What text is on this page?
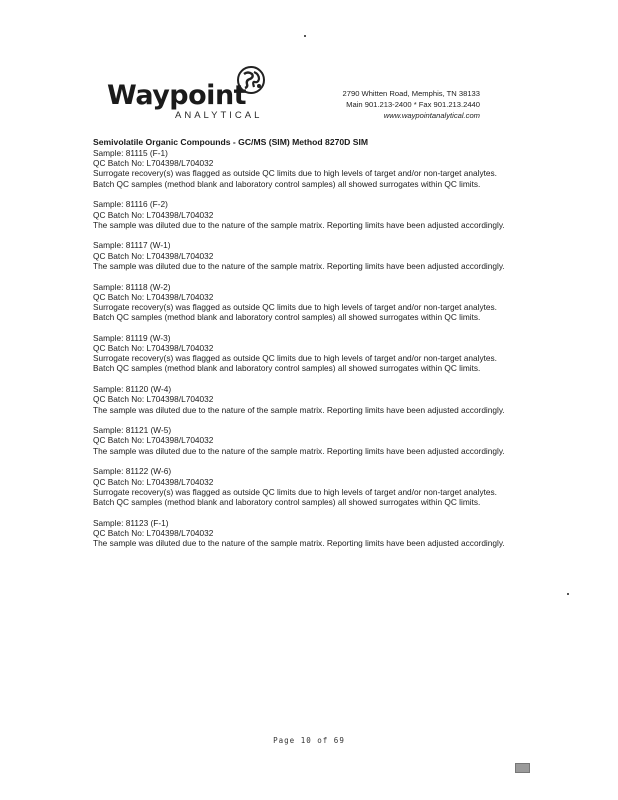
Waypoint
ANALYTICAL
2790 Whitten Road, Memphis, TN 38133
Main 901.213-2400 * Fax 901.213.2440
www.waypointanalytical.com
Semivolatile Organic Compounds - GC/MS (SIM) Method 8270D SIM
Sample: 81115 (F-1)
QC Batch No: L704398/L704032
Surrogate recovery(s) was flagged as outside QC limits due to high levels of target and/or non-target analytes.
Batch QC samples (method blank and laboratory control samples) all showed surrogates within QC limits.
Sample: 81116 (F-2)
QC Batch No: L704398/L704032
The sample was diluted due to the nature of the sample matrix. Reporting limits have been adjusted accordingly.
Sample: 81117 (W-1)
QC Batch No: L704398/L704032
The sample was diluted due to the nature of the sample matrix. Reporting limits have been adjusted accordingly.
Sample: 81118 (W-2)
QC Batch No: L704398/L704032
Surrogate recovery(s) was flagged as outside QC limits due to high levels of target and/or non-target analytes.
Batch QC samples (method blank and laboratory control samples) all showed surrogates within QC limits.
Sample: 81119 (W-3)
QC Batch No: L704398/L704032
Surrogate recovery(s) was flagged as outside QC limits due to high levels of target and/or non-target analytes.
Batch QC samples (method blank and laboratory control samples) all showed surrogates within QC limits.
Sample: 81120 (W-4)
QC Batch No: L704398/L704032
The sample was diluted due to the nature of the sample matrix. Reporting limits have been adjusted accordingly.
Sample: 81121 (W-5)
QC Batch No: L704398/L704032
The sample was diluted due to the nature of the sample matrix. Reporting limits have been adjusted accordingly.
Sample: 81122 (W-6)
QC Batch No: L704398/L704032
Surrogate recovery(s) was flagged as outside QC limits due to high levels of target and/or non-target analytes.
Batch QC samples (method blank and laboratory control samples) all showed surrogates within QC limits.
Sample: 81123 (F-1)
QC Batch No: L704398/L704032
The sample was diluted due to the nature of the sample matrix. Reporting limits have been adjusted accordingly.
Page 10 of 69
